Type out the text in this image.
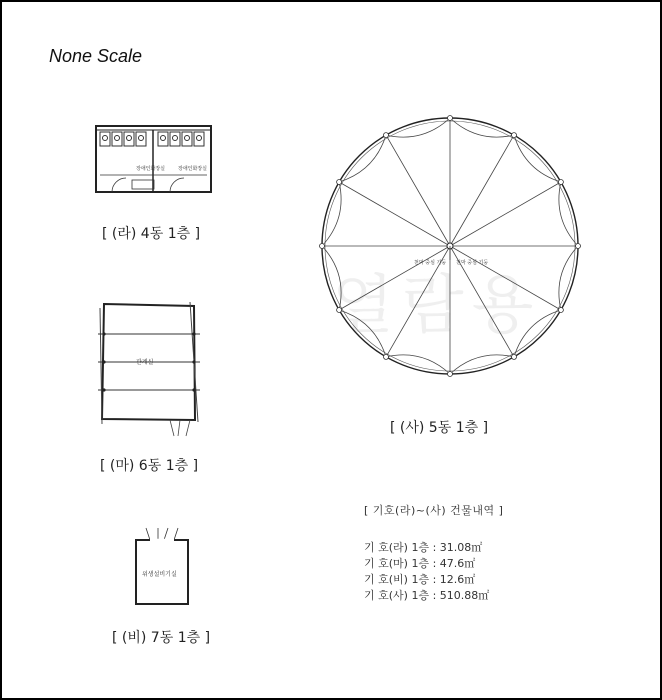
None Scale
열람용
장애인화장실	장애인화장실
[ (라) 4동 1층 ]
관계실
[ (마) 6동 1층 ]
위생설비기실
[ (비) 7동 1층 ]
천막 중심 기둥 천막 중심 기둥
[ (사) 5동 1층 ]
[ 기호(라)~(사) 건물내역 ]
기 호(라) 1층 : 31.08㎡
기 호(마) 1층 : 47.6㎡
기 호(비) 1층 : 12.6㎡
기 호(사) 1층 : 510.88㎡
